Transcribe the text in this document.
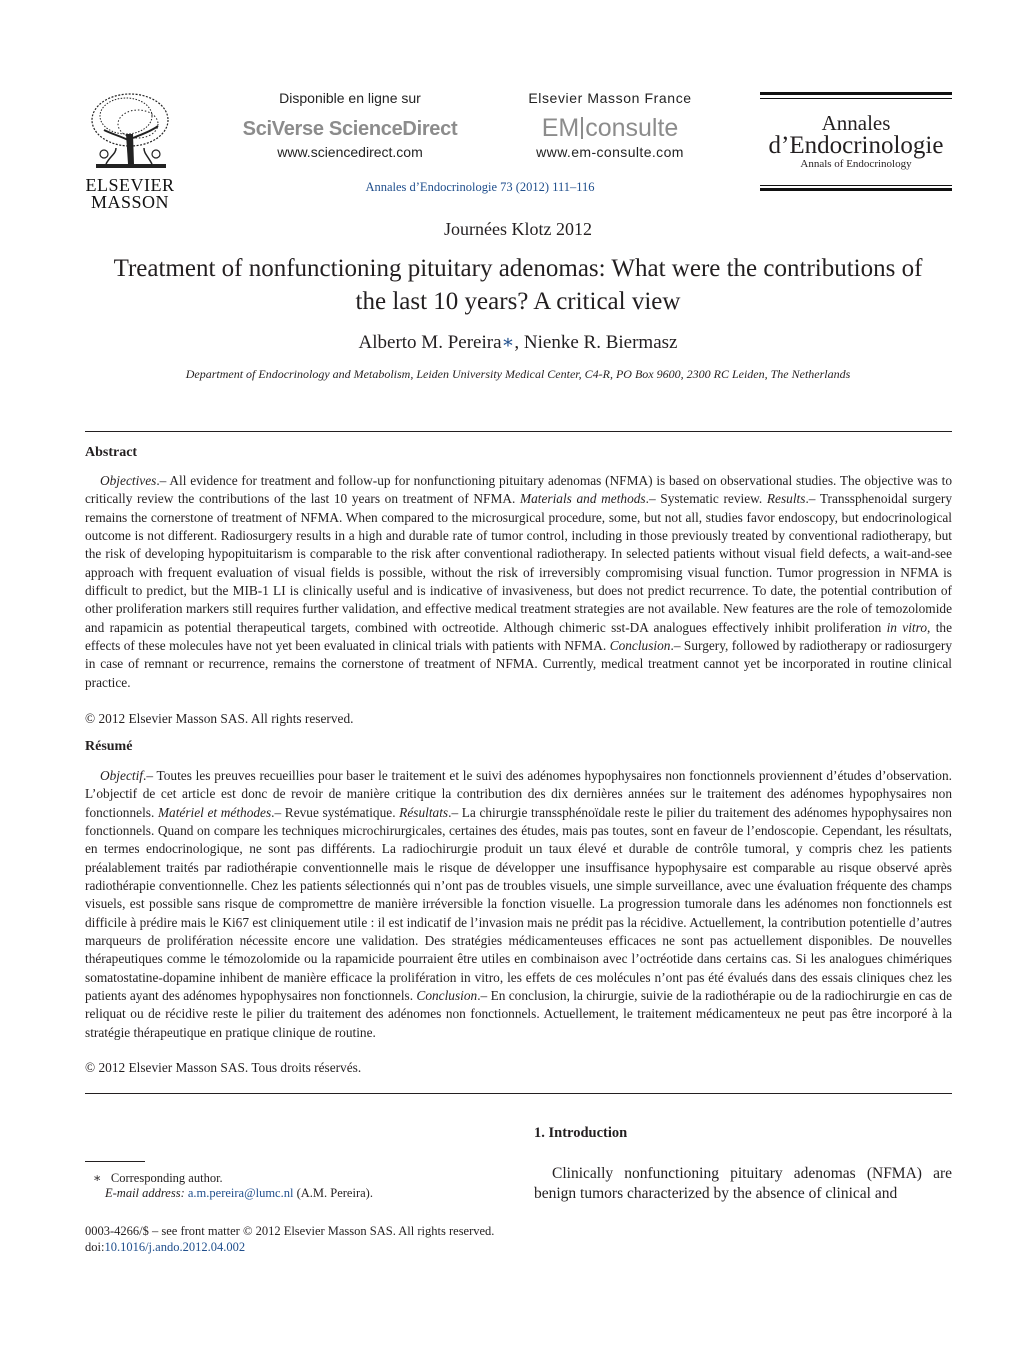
ELSEVIER
MASSON
Disponible en ligne sur
SciVerse ScienceDirect
www.sciencedirect.com
Elsevier Masson France
EM consulte
www.em-consulte.com
Annales
d’Endocrinologie
Annals of Endocrinology
Annales d’Endocrinologie 73 (2012) 111–116
Journées Klotz 2012
Treatment of nonfunctioning pituitary adenomas: What were the contributions of the last 10 years? A critical view
Alberto M. Pereira∗, Nienke R. Biermasz
Department of Endocrinology and Metabolism, Leiden University Medical Center, C4-R, PO Box 9600, 2300 RC Leiden, The Netherlands
Abstract

Objectives.– All evidence for treatment and follow-up for nonfunctioning pituitary adenomas (NFMA) is based on observational studies. The objective was to critically review the contributions of the last 10 years on treatment of NFMA. Materials and methods.– Systematic review. Results.– Transsphenoidal surgery remains the cornerstone of treatment of NFMA. When compared to the microsurgical procedure, some, but not all, studies favor endoscopy, but endocrinological outcome is not different. Radiosurgery results in a high and durable rate of tumor control, including in those previously treated by conventional radiotherapy, but the risk of developing hypopituitarism is comparable to the risk after conventional radiotherapy. In selected patients without visual field defects, a wait-and-see approach with frequent evaluation of visual fields is possible, without the risk of irreversibly compromising visual function. Tumor progression in NFMA is difficult to predict, but the MIB-1 LI is clinically useful and is indicative of invasiveness, but does not predict recurrence. To date, the potential contribution of other proliferation markers still requires further validation, and effective medical treatment strategies are not available. New features are the role of temozolomide and rapamicin as potential therapeutical targets, combined with octreotide. Although chimeric sst-DA analogues effectively inhibit proliferation in vitro, the effects of these molecules have not yet been evaluated in clinical trials with patients with NFMA. Conclusion.– Surgery, followed by radiotherapy or radiosurgery in case of remnant or recurrence, remains the cornerstone of treatment of NFMA. Currently, medical treatment cannot yet be incorporated in routine clinical practice.

© 2012 Elsevier Masson SAS. All rights reserved.
Résumé

Objectif.– Toutes les preuves recueillies pour baser le traitement et le suivi des adénomes hypophysaires non fonctionnels proviennent d’études d’observation. L’objectif de cet article est donc de revoir de manière critique la contribution des dix dernières années sur le traitement des adénomes hypophysaires non fonctionnels. Matériel et méthodes.– Revue systématique. Résultats.– La chirurgie transsphénoïdale reste le pilier du traitement des adénomes hypophysaires non fonctionnels. Quand on compare les techniques microchirurgicales, certaines des études, mais pas toutes, sont en faveur de l’endoscopie. Cependant, les résultats, en termes endocrinologique, ne sont pas différents. La radiochirurgie produit un taux élevé et durable de contrôle tumoral, y compris chez les patients préalablement traités par radiothérapie conventionnelle mais le risque de développer une insuffisance hypophysaire est comparable au risque observé après radiothérapie conventionnelle. Chez les patients sélectionnés qui n’ont pas de troubles visuels, une simple surveillance, avec une évaluation fréquente des champs visuels, est possible sans risque de compromettre de manière irréversible la fonction visuelle. La progression tumorale dans les adénomes non fonctionnels est difficile à prédire mais le Ki67 est cliniquement utile : il est indicatif de l’invasion mais ne prédit pas la récidive. Actuellement, la contribution potentielle d’autres marqueurs de prolifération nécessite encore une validation. Des stratégies médicamenteuses efficaces ne sont pas actuellement disponibles. De nouvelles thérapeutiques comme le témozolomide ou la rapamicide pourraient être utiles en combinaison avec l’octréotide dans certains cas. Si les analogues chimériques somatostatine-dopamine inhibent de manière efficace la prolifération in vitro, les effets de ces molécules n’ont pas été évalués dans des essais cliniques chez les patients ayant des adénomes hypophysaires non fonctionnels. Conclusion.– En conclusion, la chirurgie, suivie de la radiothérapie ou de la radiochirurgie en cas de reliquat ou de récidive reste le pilier du traitement des adénomes non fonctionnels. Actuellement, le traitement médicamenteux ne peut pas être incorporé à la stratégie thérapeutique en pratique clinique de routine.

© 2012 Elsevier Masson SAS. Tous droits réservés.
1. Introduction

Clinically nonfunctioning pituitary adenomas (NFMA) are benign tumors characterized by the absence of clinical and

∗ Corresponding author.
E-mail address: a.m.pereira@lumc.nl (A.M. Pereira).
0003-4266/$ – see front matter © 2012 Elsevier Masson SAS. All rights reserved.
doi:10.1016/j.ando.2012.04.002
